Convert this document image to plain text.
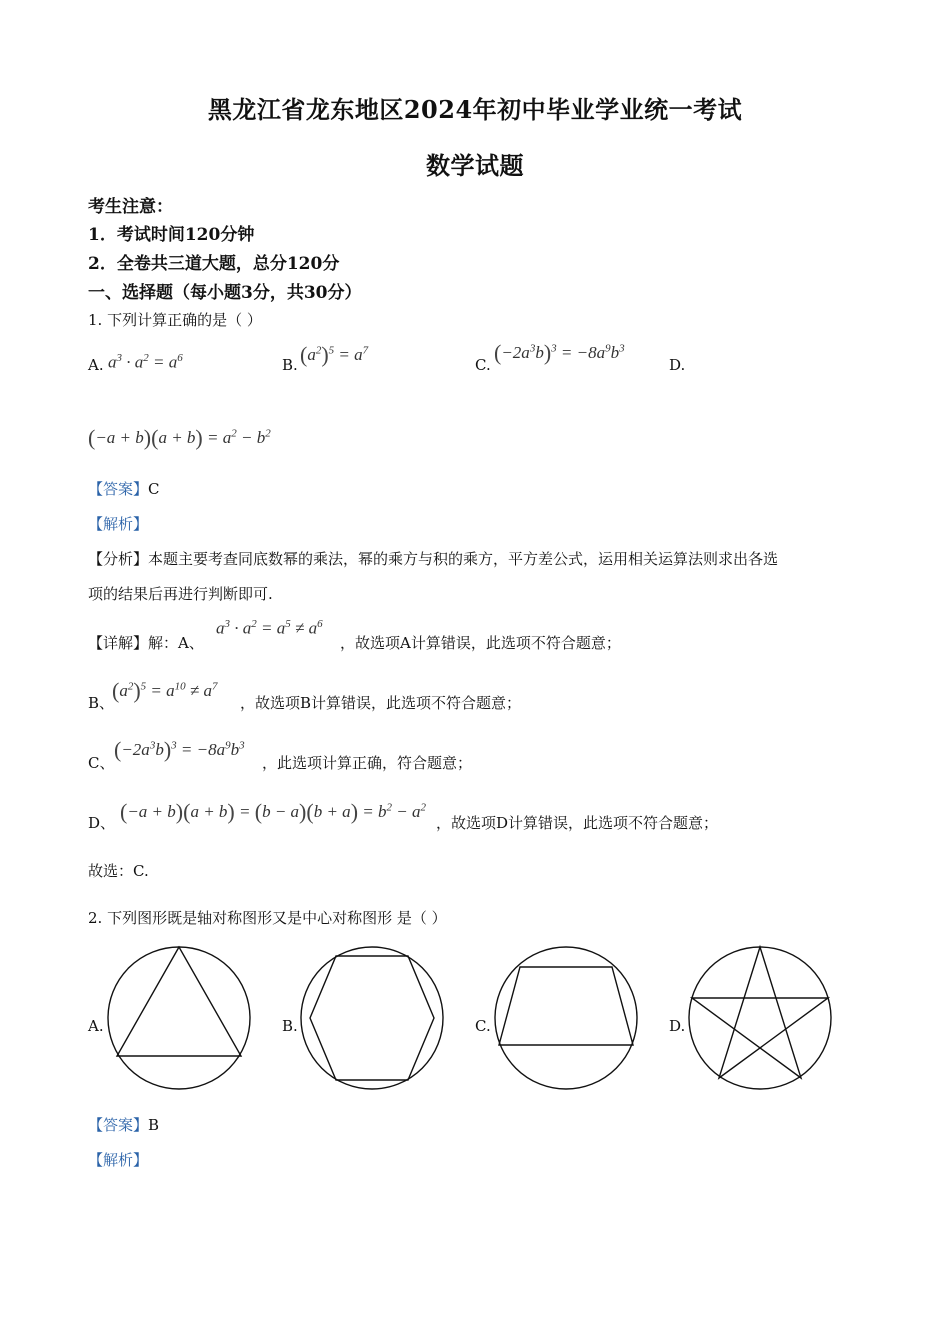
黑龙江省龙东地区2024年初中毕业学业统一考试
数学试题
考生注意：
1．考试时间120分钟
2．全卷共三道大题，总分120分
一、选择题（每小题3分，共30分）
1. 下列计算正确的是（ ）
A. $a^3 \cdot a^2 = a^6$	B. $(a^2)^5 = a^7$
C. $(-2a^3b)^3 = -8a^9b^3$
D.
$(-a + b)(a + b) = a^2 - b^2$
【答案】C
【解析】
【分析】本题主要考查同底数幂的乘法，幂的乘方与积的乘方，平方差公式，运用相关运算法则求出各选
项的结果后再进行判断即可.
【详解】解：A、
$a^3 \cdot a^2 = a^5 \ne a^6$
，故选项A计算错误，此选项不符合题意；
B、
$(a^2)^5 = a^{10} \ne a^7$
，故选项B计算错误，此选项不符合题意；
C、
$(-2a^3b)^3 = -8a^9b^3$
，此选项计算正确，符合题意；
D、 $(-a + b)(a + b) = (b - a)(b + a) = b^2 - a^2$
，故选项D计算错误，此选项不符合题意；
故选：C.
2. 下列图形既是轴对称图形又是中心对称图形 是（ ）
A.	B.	C.	D.
【答案】B
【解析】
